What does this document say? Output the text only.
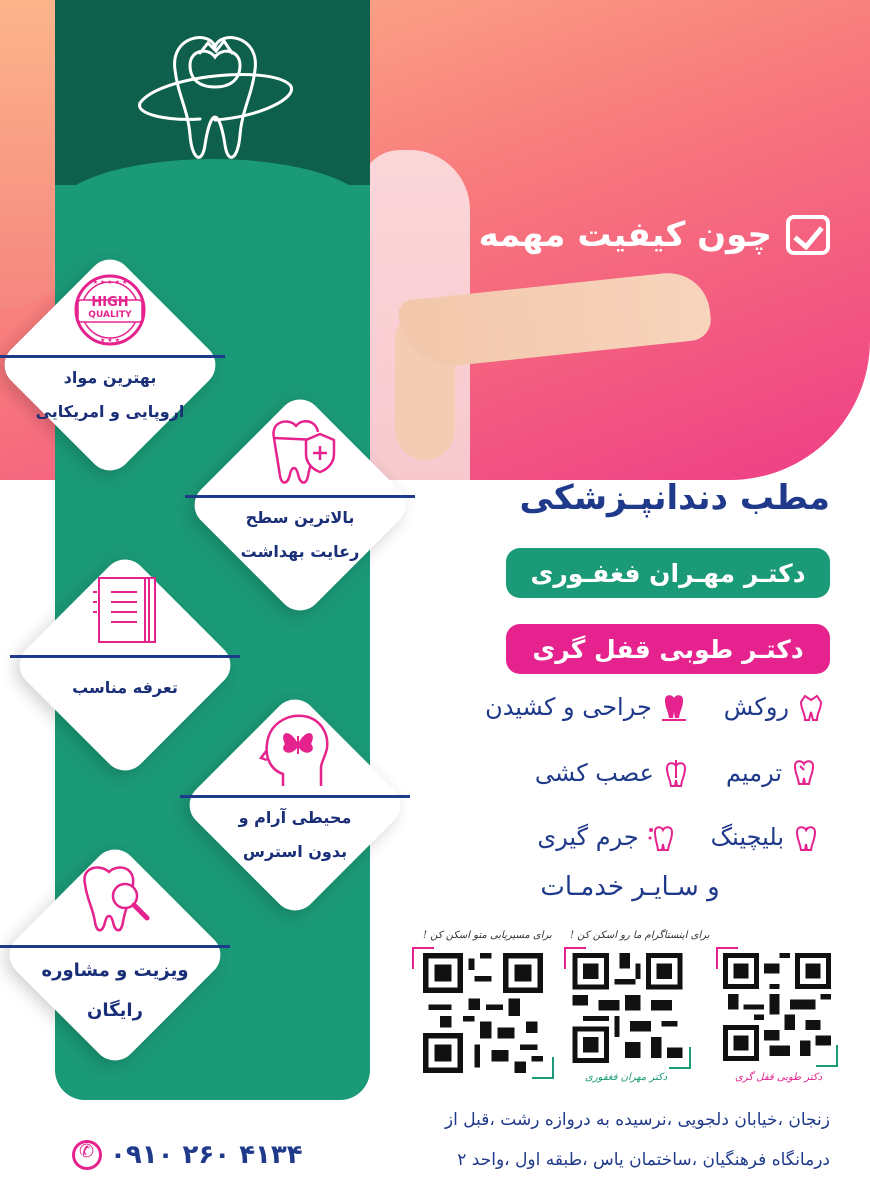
چون کیفیت مهمه
★ ★ ★ ★ ★
★ ★ ★
HIGH
QUALITY
بهترین مواد
اروپایی و امریکایی
بالاترین سطح
رعایت بهداشت
تعرفه مناسب
محیطی آرام و
بدون استرس
ویزیت و مشاوره
رایگان
مطب دندانپـزشکی
دکتـر مهـران فغفـوری
دکتـر طوبی قفل گری
روکش
جراحی و کشیدن
ترمیم
عصب کشی
✦
بلیچینگ
جرم گیری
و سـایـر خدمـات
برای مسیریابی متو اسکن کن ! برای اینستاگرام ما رو اسکن کن !
دکتر مهران فغفوری	دکتر طوبی قفل گری
زنجان ،خیابان دلجویی ،نرسیده به دروازه رشت ،قبل از
درمانگاه فرهنگیان ،ساختمان یاس ،طبقه اول ،واحد ۲
✆
۰۹۱۰ ۲۶۰ ۴۱۳۴
